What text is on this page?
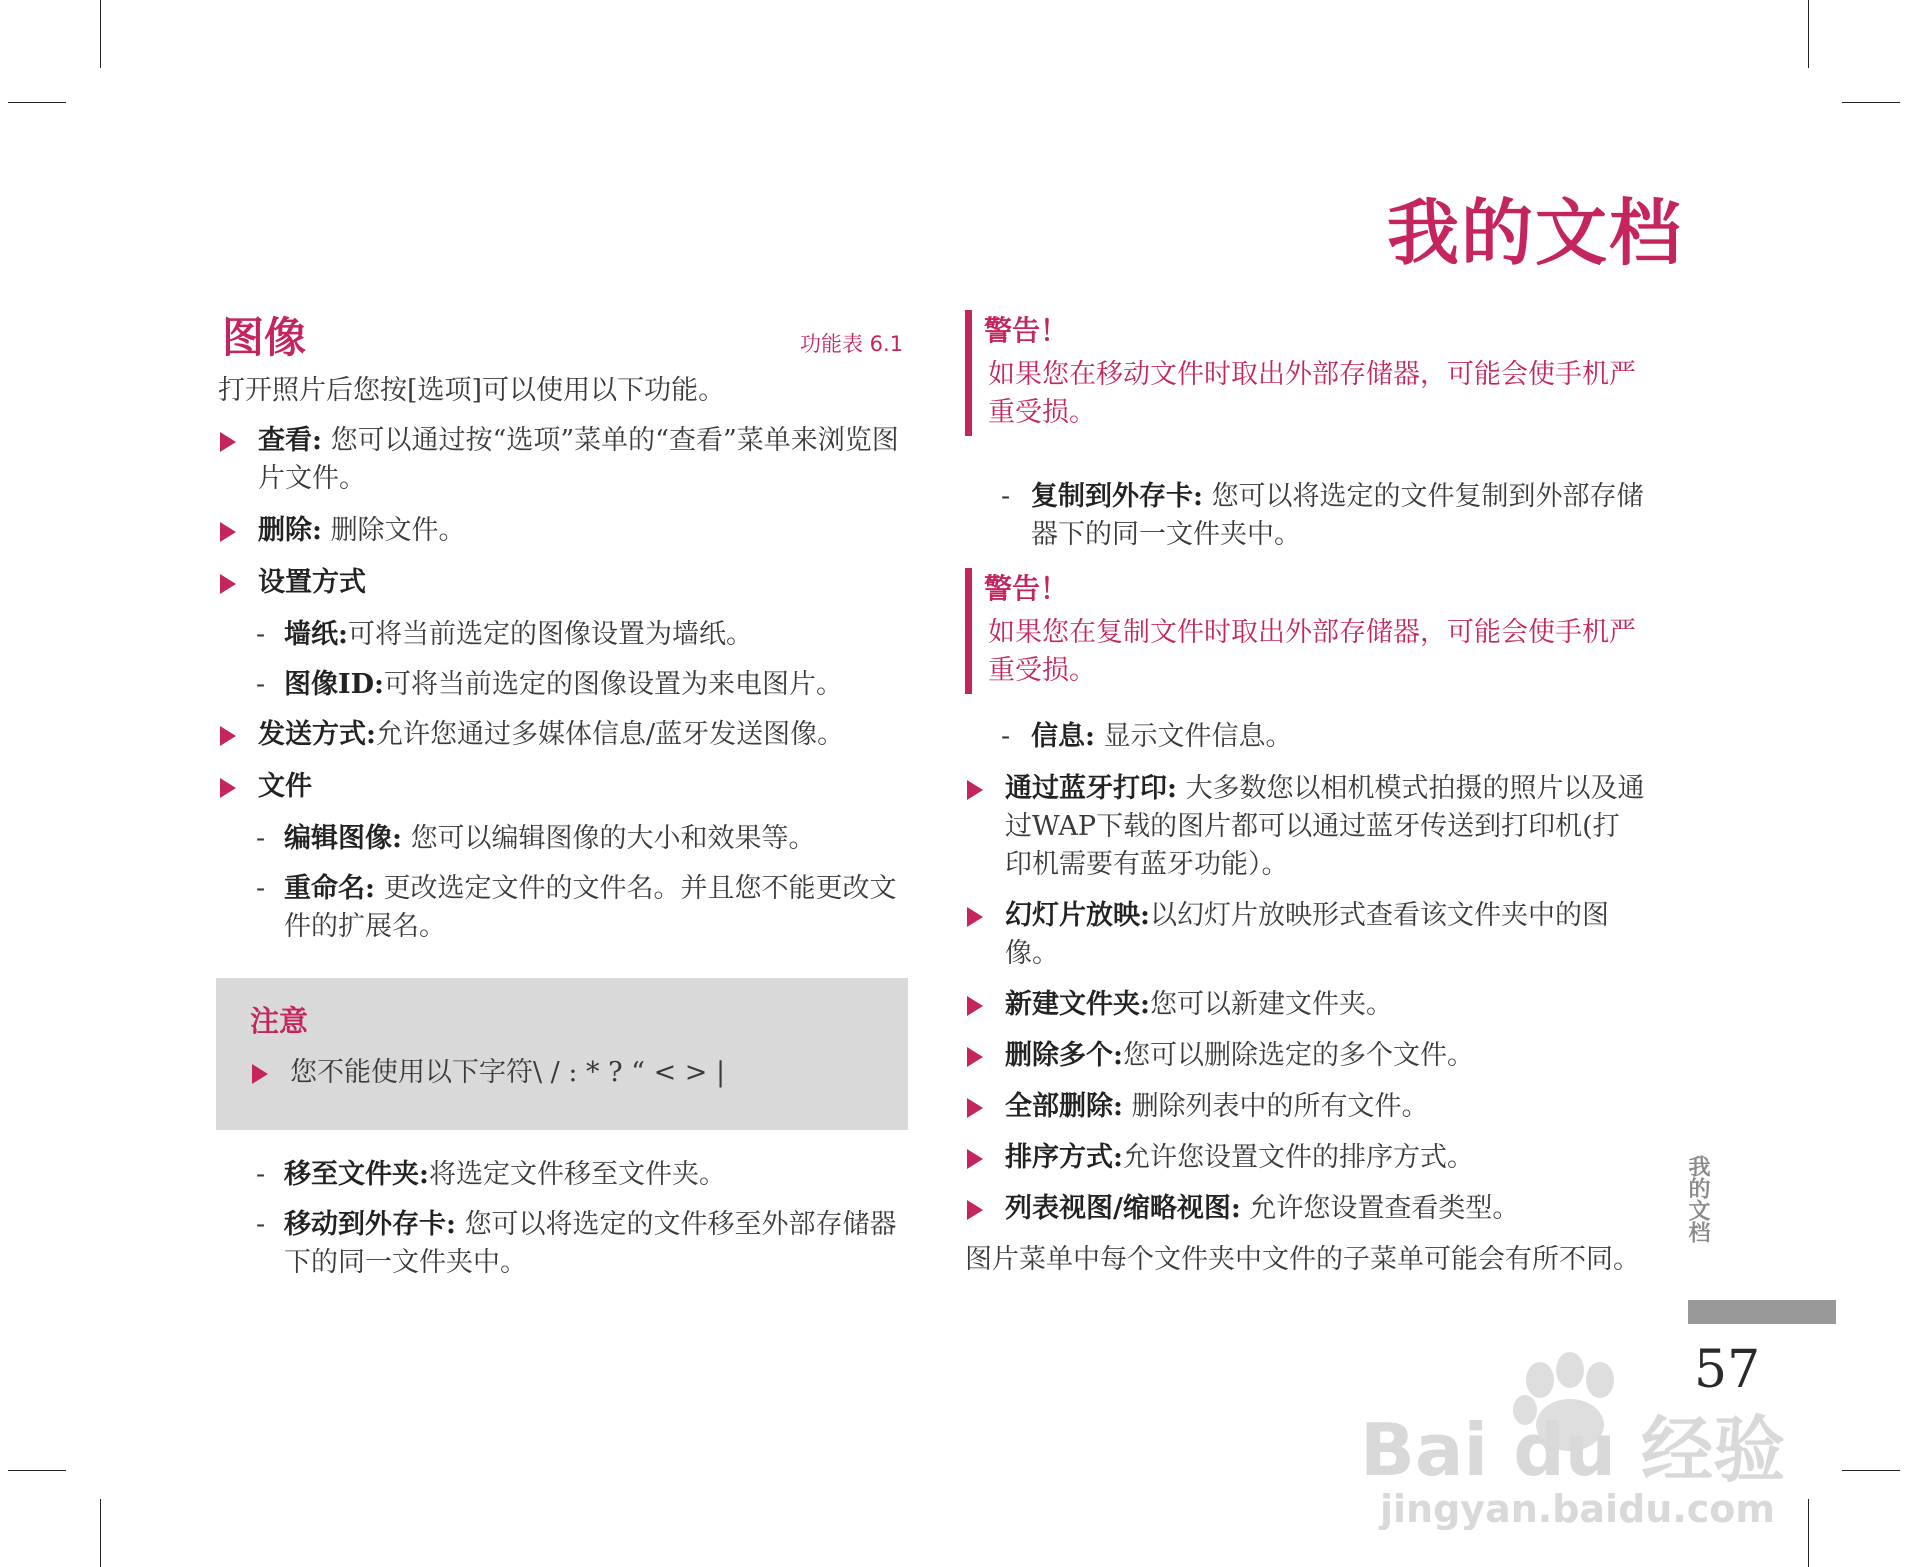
我的文档
图像	功能表 6.1
打开照片后您按[选项]可以使用以下功能。
查看: 您可以通过按“选项”菜单的“查看”菜单来浏览图片文件。
删除: 删除文件。
设置方式
- 墙纸:可将当前选定的图像设置为墙纸。
- 图像ID:可将当前选定的图像设置为来电图片。
发送方式:允许您通过多媒体信息/蓝牙发送图像。
文件
- 编辑图像: 您可以编辑图像的大小和效果等。
- 重命名: 更改选定文件的文件名。并且您不能更改文件的扩展名。
注意
您不能使用以下字符\ / : * ? “ < > |
- 移至文件夹:将选定文件移至文件夹。
- 移动到外存卡: 您可以将选定的文件移至外部存储器下的同一文件夹中。
警告！
如果您在移动文件时取出外部存储器，可能会使手机严重受损。
- 复制到外存卡: 您可以将选定的文件复制到外部存储器下的同一文件夹中。
警告！
如果您在复制文件时取出外部存储器，可能会使手机严重受损。
- 信息: 显示文件信息。
通过蓝牙打印: 大多数您以相机模式拍摄的照片以及通过WAP下载的图片都可以通过蓝牙传送到打印机(打印机需要有蓝牙功能）。
幻灯片放映:以幻灯片放映形式查看该文件夹中的图像。
新建文件夹:您可以新建文件夹。
删除多个:您可以删除选定的多个文件。
全部删除: 删除列表中的所有文件。
排序方式:允许您设置文件的排序方式。
列表视图/缩略视图: 允许您设置查看类型。
图片菜单中每个文件夹中文件的子菜单可能会有所不同。
我的文档
57
Bai du 经验
jingyan.baidu.com
